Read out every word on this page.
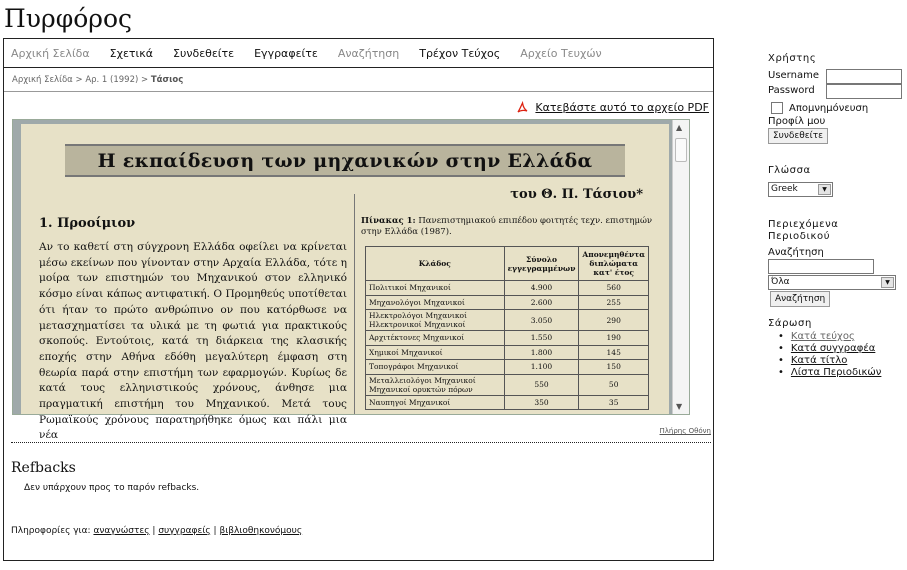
Πυρφόρος
Αρχική Σελίδα Σχετικά Συνδεθείτε Εγγραφείτε Αναζήτηση Τρέχον Τεύχος Αρχείο Τευχών
Αρχική Σελίδα > Αρ. 1 (1992) > Τάσιος
Κατεβάστε αυτό το αρχείο PDF
Η εκπαίδευση των μηχανικών στην Ελλάδα
του Θ. Π. Τάσιου*
1. Προοίμιον
Αν το καθετί στη σύγχρονη Ελλάδα οφείλει να κρίνεται μέσω εκείνων που γίνονταν στην Αρχαία Ελλάδα, τότε η μοίρα των επιστημών του Μηχανικού στον ελληνικό κόσμο είναι κάπως αντιφατική. Ο Προμηθεύς υποτίθεται ότι ήταν το πρώτο ανθρώπινο ον που κατόρθωσε να μετασχηματίσει τα υλικά με τη φωτιά για πρακτικούς σκοπούς. Εντούτοις, κατά τη διάρκεια της κλασικής εποχής στην Αθήνα εδόθη μεγαλύτερη έμφαση στη θεωρία παρά στην επιστήμη των εφαρμογών. Κυρίως δε κατά τους ελληνιστικούς χρόνους, άνθησε μια πραγματική επιστήμη του Μηχανικού. Μετά τους Ρωμαϊκούς χρόνους παρατηρήθηκε όμως και πάλι μια νέα
Πίνακας 1: Πανεπιστημιακού επιπέδου φοιτητές τεχν. επιστημών στην Ελλάδα (1987).
Κλάδος	Σύνολο εγγεγραμμένων	Απονεμηθέντα διπλώματα κατ' έτος
Πολιτικοί Μηχανικοί	4.900	560
Μηχανολόγοι Μηχανικοί	2.600	255
Ηλεκτρολόγοι Μηχανικοί Ηλεκτρονικοί Μηχανικοί	3.050	290
Αρχιτέκτονες Μηχανικοί	1.550	190
Χημικοί Μηχανικοί	1.800	145
Τοπογράφοι Μηχανικοί	1.100	150
Μεταλλειολόγοι Μηχανικοί Μηχανικοί ορυκτών πόρων	550	50
Ναυπηγοί Μηχανικοί	350	35
▲
▼
Πλήρης Οθόνη
Refbacks
Δεν υπάρχουν προς το παρόν refbacks.
Πληροφορίες για: αναγνώστες | συγγραφείς | βιβλιοθηκονόμους
Χρήστης
Username
Password
Απομνημόνευση
Προφίλ μου
Συνδεθείτε
Γλώσσα
Greek	▼
Περιεχόμενα Περιοδικού
Αναζήτηση
Όλα	▼
Αναζήτηση
Σάρωση
• Κατά τεύχος
• Κατά συγγραφέα
• Κατά τίτλο
• Λίστα Περιοδικών
